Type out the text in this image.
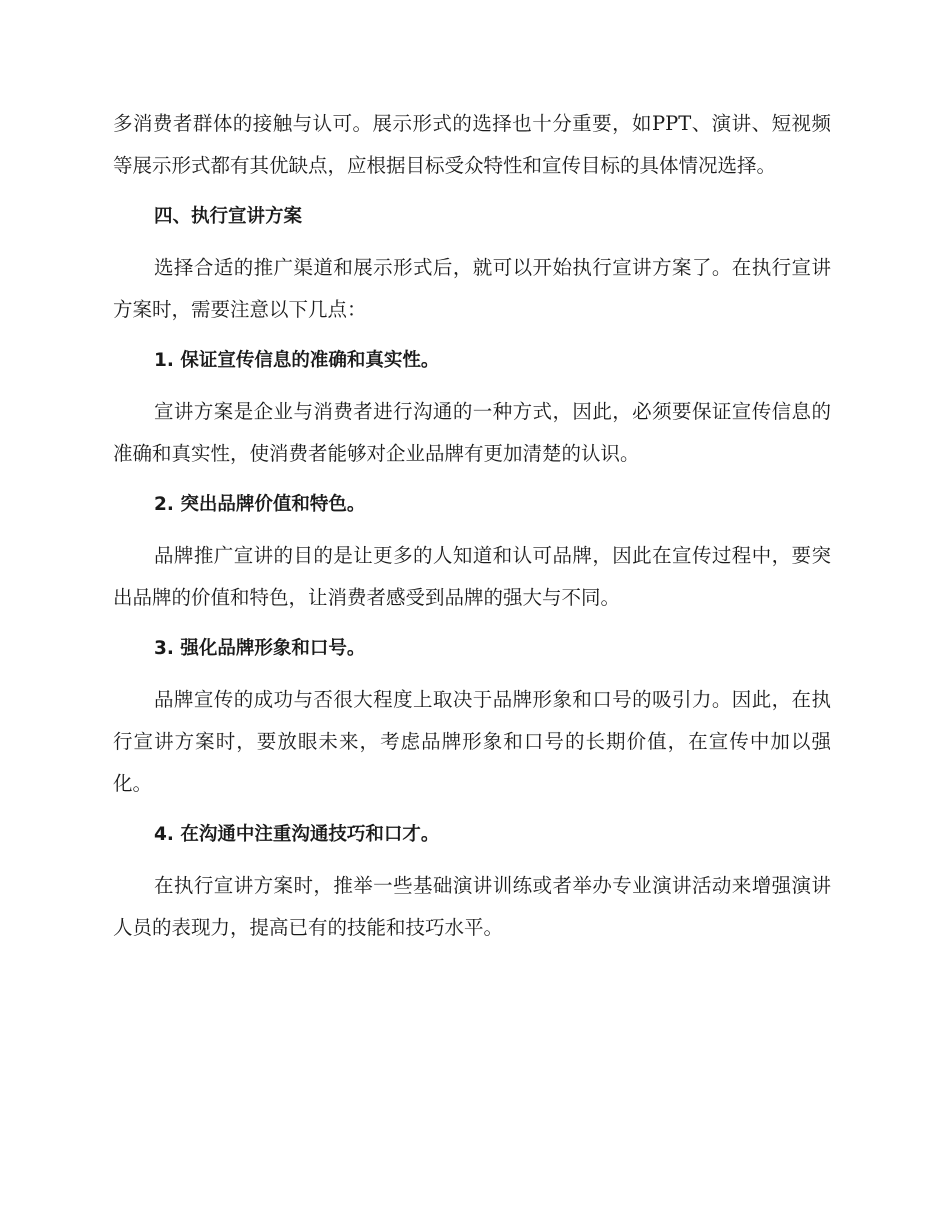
多消费者群体的接触与认可。展示形式的选择也十分重要，如PPT、演讲、短视频等展示形式都有其优缺点，应根据目标受众特性和宣传目标的具体情况选择。

四、执行宣讲方案

选择合适的推广渠道和展示形式后，就可以开始执行宣讲方案了。在执行宣讲方案时，需要注意以下几点：

1. 保证宣传信息的准确和真实性。

宣讲方案是企业与消费者进行沟通的一种方式，因此，必须要保证宣传信息的准确和真实性，使消费者能够对企业品牌有更加清楚的认识。

2. 突出品牌价值和特色。

品牌推广宣讲的目的是让更多的人知道和认可品牌，因此在宣传过程中，要突出品牌的价值和特色，让消费者感受到品牌的强大与不同。

3. 强化品牌形象和口号。

品牌宣传的成功与否很大程度上取决于品牌形象和口号的吸引力。因此，在执行宣讲方案时，要放眼未来，考虑品牌形象和口号的长期价值，在宣传中加以强化。

4. 在沟通中注重沟通技巧和口才。

在执行宣讲方案时，推举一些基础演讲训练或者举办专业演讲活动来增强演讲人员的表现力，提高已有的技能和技巧水平。
